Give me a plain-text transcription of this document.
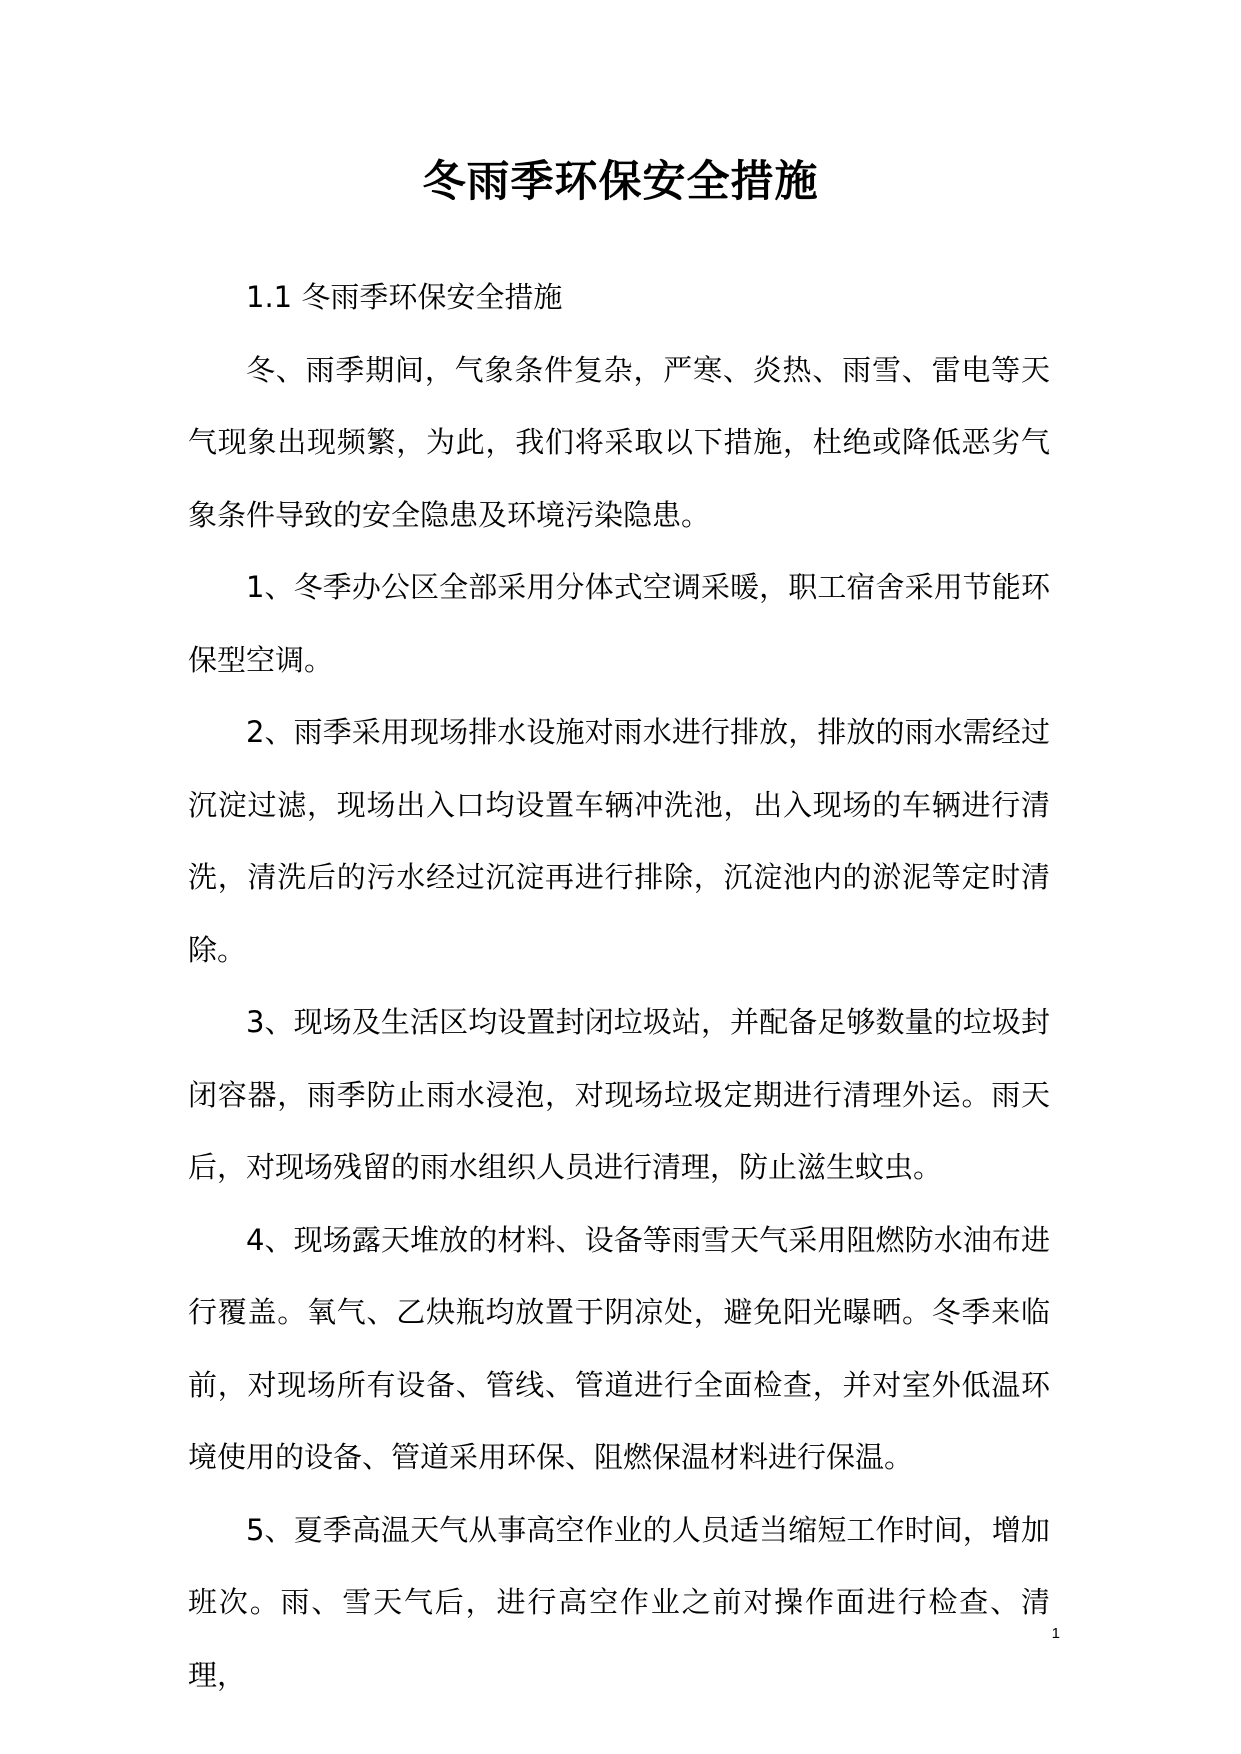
冬雨季环保安全措施

1.1 冬雨季环保安全措施

冬、雨季期间，气象条件复杂，严寒、炎热、雨雪、雷电等天气现象出现频繁，为此，我们将采取以下措施，杜绝或降低恶劣气象条件导致的安全隐患及环境污染隐患。

1、冬季办公区全部采用分体式空调采暖，职工宿舍采用节能环保型空调。

2、雨季采用现场排水设施对雨水进行排放，排放的雨水需经过沉淀过滤，现场出入口均设置车辆冲洗池，出入现场的车辆进行清洗，清洗后的污水经过沉淀再进行排除，沉淀池内的淤泥等定时清除。

3、现场及生活区均设置封闭垃圾站，并配备足够数量的垃圾封闭容器，雨季防止雨水浸泡，对现场垃圾定期进行清理外运。雨天后，对现场残留的雨水组织人员进行清理，防止滋生蚊虫。

4、现场露天堆放的材料、设备等雨雪天气采用阻燃防水油布进行覆盖。氧气、乙炔瓶均放置于阴凉处，避免阳光曝晒。冬季来临前，对现场所有设备、管线、管道进行全面检查，并对室外低温环境使用的设备、管道采用环保、阻燃保温材料进行保温。

5、夏季高温天气从事高空作业的人员适当缩短工作时间，增加班次。雨、雪天气后，进行高空作业之前对操作面进行检查、清理，

1
